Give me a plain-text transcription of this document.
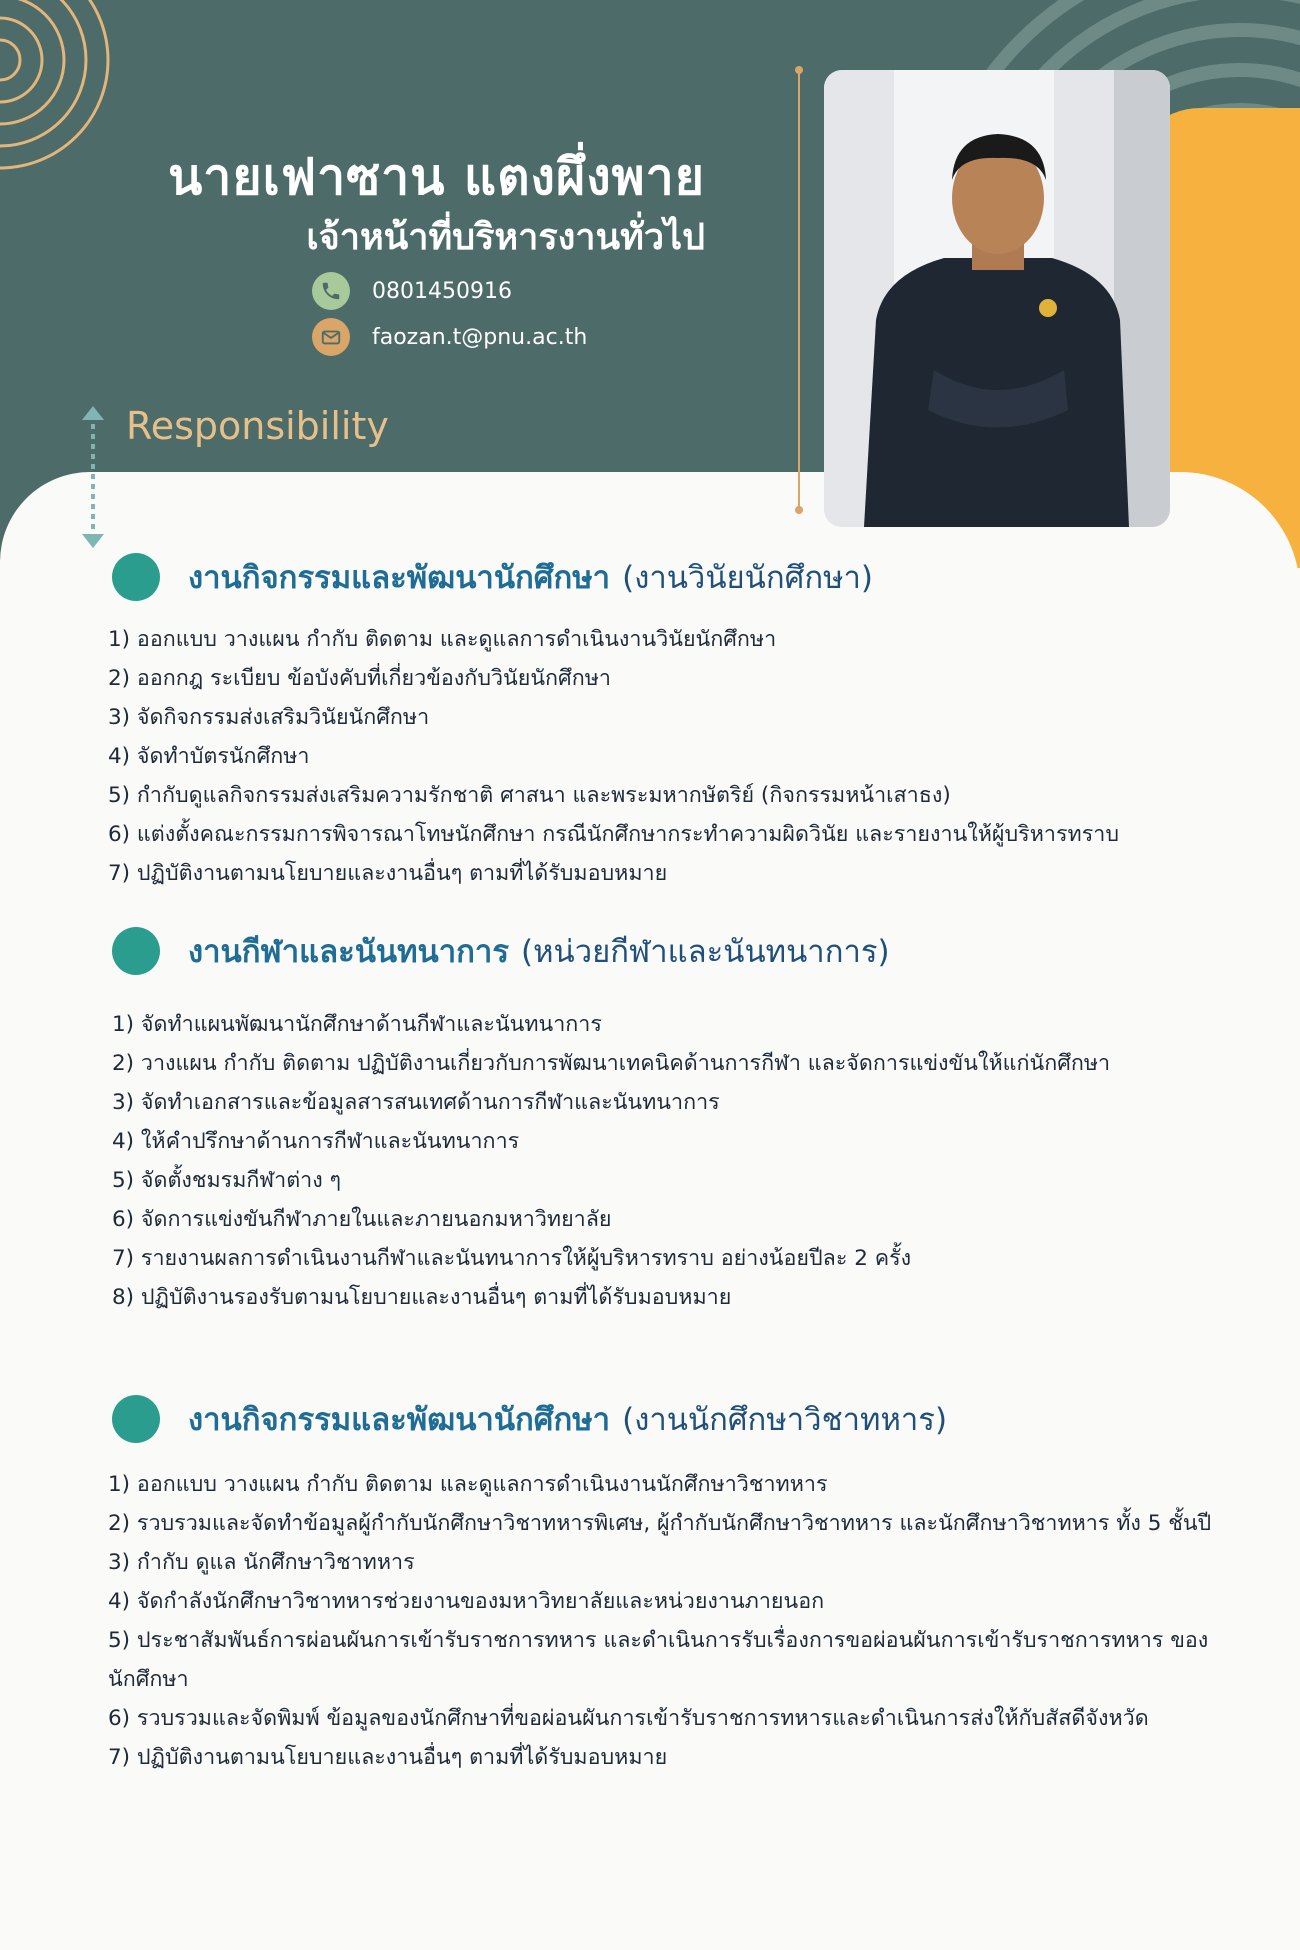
นายเฟาซาน แตงผึ่งพาย
เจ้าหน้าที่บริหารงานทั่วไป
0801450916
faozan.t@pnu.ac.th
Responsibility
งานกิจกรรมและพัฒนานักศึกษา (งานวินัยนักศึกษา)
1) ออกแบบ วางแผน กำกับ ติดตาม และดูแลการดำเนินงานวินัยนักศึกษา
2) ออกกฎ ระเบียบ ข้อบังคับที่เกี่ยวข้องกับวินัยนักศึกษา
3) จัดกิจกรรมส่งเสริมวินัยนักศึกษา
4) จัดทำบัตรนักศึกษา
5) กำกับดูแลกิจกรรมส่งเสริมความรักชาติ ศาสนา และพระมหากษัตริย์ (กิจกรรมหน้าเสาธง)
6) แต่งตั้งคณะกรรมการพิจารณาโทษนักศึกษา กรณีนักศึกษากระทำความผิดวินัย และรายงานให้ผู้บริหารทราบ
7) ปฏิบัติงานตามนโยบายและงานอื่นๆ ตามที่ได้รับมอบหมาย
งานกีฬาและนันทนาการ (หน่วยกีฬาและนันทนาการ)
1) จัดทำแผนพัฒนานักศึกษาด้านกีฬาและนันทนาการ
2) วางแผน กำกับ ติดตาม ปฏิบัติงานเกี่ยวกับการพัฒนาเทคนิคด้านการกีฬา และจัดการแข่งขันให้แก่นักศึกษา
3) จัดทำเอกสารและข้อมูลสารสนเทศด้านการกีฬาและนันทนาการ
4) ให้คำปรึกษาด้านการกีฬาและนันทนาการ
5) จัดตั้งชมรมกีฬาต่าง ๆ
6) จัดการแข่งขันกีฬาภายในและภายนอกมหาวิทยาลัย
7) รายงานผลการดำเนินงานกีฬาและนันทนาการให้ผู้บริหารทราบ อย่างน้อยปีละ 2 ครั้ง
8) ปฏิบัติงานรองรับตามนโยบายและงานอื่นๆ ตามที่ได้รับมอบหมาย
งานกิจกรรมและพัฒนานักศึกษา (งานนักศึกษาวิชาทหาร)
1) ออกแบบ วางแผน กำกับ ติดตาม และดูแลการดำเนินงานนักศึกษาวิชาทหาร
2) รวบรวมและจัดทำข้อมูลผู้กำกับนักศึกษาวิชาทหารพิเศษ, ผู้กำกับนักศึกษาวิชาทหาร และนักศึกษาวิชาทหาร ทั้ง 5 ชั้นปี
3) กำกับ ดูแล นักศึกษาวิชาทหาร
4) จัดกำลังนักศึกษาวิชาทหารช่วยงานของมหาวิทยาลัยและหน่วยงานภายนอก
5) ประชาสัมพันธ์การผ่อนผันการเข้ารับราชการทหาร และดำเนินการรับเรื่องการขอผ่อนผันการเข้ารับราชการทหาร ของนักศึกษา
6) รวบรวมและจัดพิมพ์ ข้อมูลของนักศึกษาที่ขอผ่อนผันการเข้ารับราชการทหารและดำเนินการส่งให้กับสัสดีจังหวัด
7) ปฏิบัติงานตามนโยบายและงานอื่นๆ ตามที่ได้รับมอบหมาย
